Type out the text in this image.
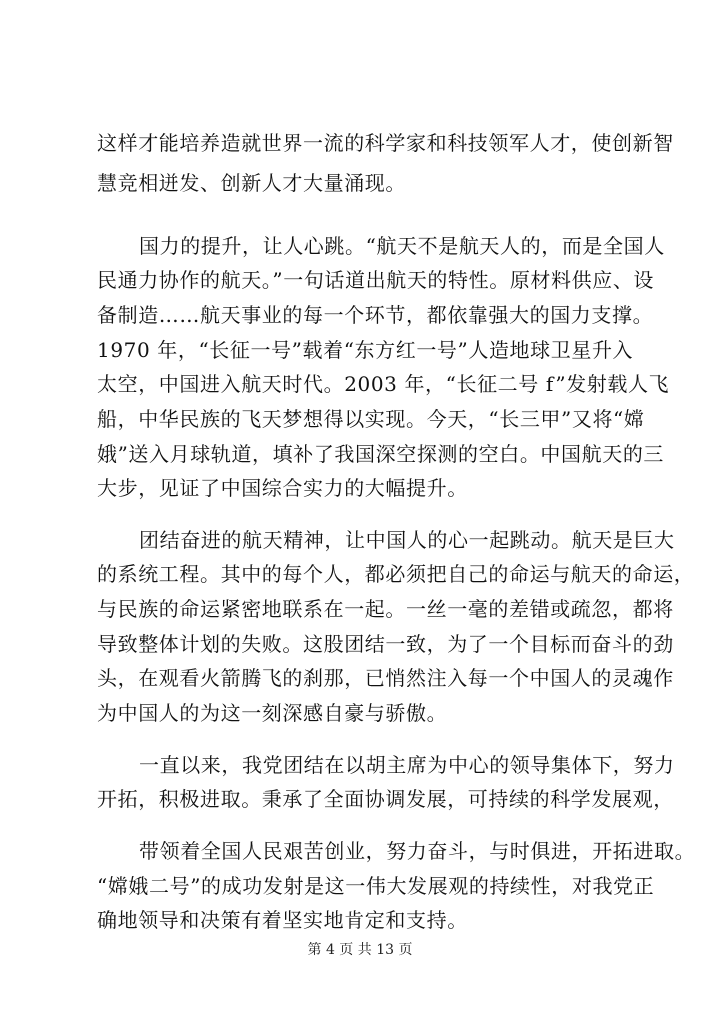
这样才能培养造就世界一流的科学家和科技领军人才，使创新智
慧竞相迸发、创新人才大量涌现。
国力的提升，让人心跳。“航天不是航天人的，而是全国人
民通力协作的航天。”一句话道出航天的特性。原材料供应、设
备制造……航天事业的每一个环节，都依靠强大的国力支撑。
1970 年，“长征一号”载着“东方红一号”人造地球卫星升入
太空，中国进入航天时代。2003 年，“长征二号 f”发射载人飞
船，中华民族的飞天梦想得以实现。今天，“长三甲”又将“嫦
娥”送入月球轨道，填补了我国深空探测的空白。中国航天的三
大步，见证了中国综合实力的大幅提升。
团结奋进的航天精神，让中国人的心一起跳动。航天是巨大
的系统工程。其中的每个人，都必须把自己的命运与航天的命运，
与民族的命运紧密地联系在一起。一丝一毫的差错或疏忽，都将
导致整体计划的失败。这股团结一致，为了一个目标而奋斗的劲
头，在观看火箭腾飞的刹那，已悄然注入每一个中国人的灵魂作
为中国人的为这一刻深感自豪与骄傲。
一直以来，我党团结在以胡主席为中心的领导集体下，努力
开拓，积极进取。秉承了全面协调发展，可持续的科学发展观，
带领着全国人民艰苦创业，努力奋斗，与时俱进，开拓进取。
“嫦娥二号”的成功发射是这一伟大发展观的持续性，对我党正
确地领导和决策有着坚实地肯定和支持。
第 4 页 共 13 页
